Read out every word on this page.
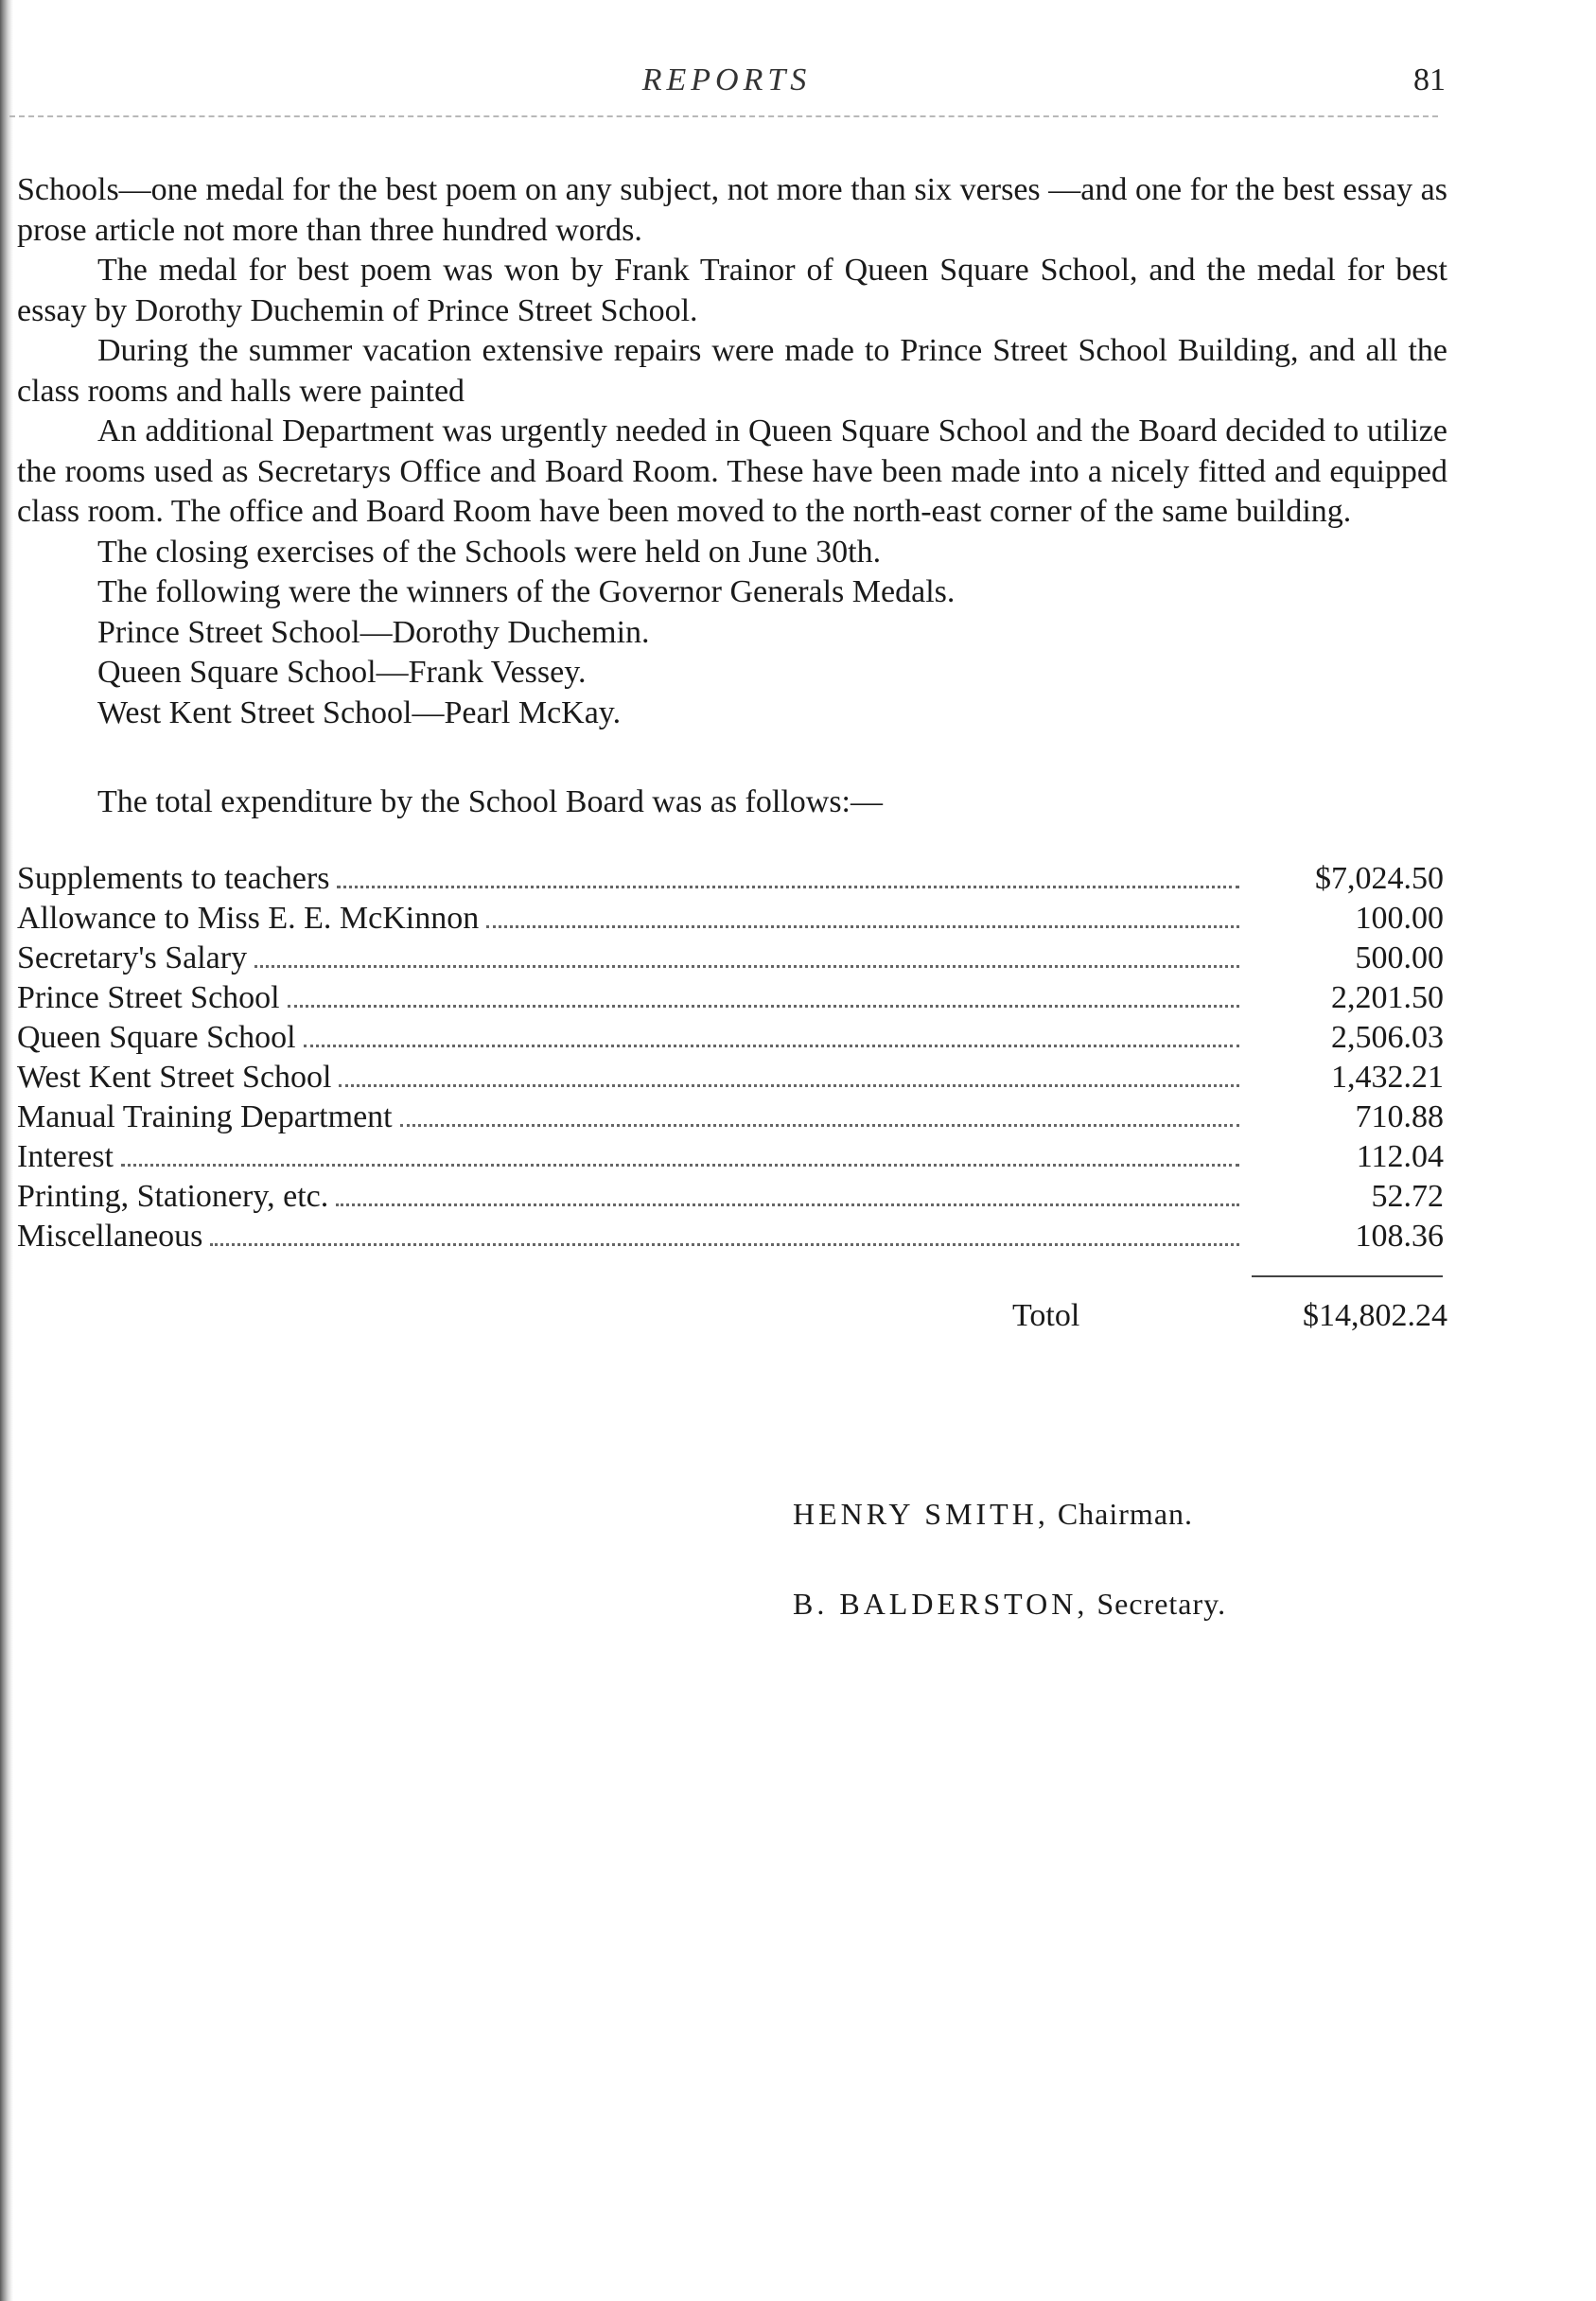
REPORTS	81

Schools—one medal for the best poem on any subject, not more than six verses —and one for the best essay as prose article not more than three hundred words.

The medal for best poem was won by Frank Trainor of Queen Square School, and the medal for best essay by Dorothy Duchemin of Prince Street School.

During the summer vacation extensive repairs were made to Prince Street School Building, and all the class rooms and halls were painted

An additional Department was urgently needed in Queen Square School and the Board decided to utilize the rooms used as Secretarys Office and Board Room. These have been made into a nicely fitted and equipped class room. The office and Board Room have been moved to the north-east corner of the same building.

The closing exercises of the Schools were held on June 30th.

The following were the winners of the Governor Generals Medals.

Prince Street School—Dorothy Duchemin.

Queen Square School—Frank Vessey.

West Kent Street School—Pearl McKay.

The total expenditure by the School Board was as follows:—

Supplements to teachers	$7,024.50
Allowance to Miss E. E. McKinnon	100.00
Secretary's Salary	500.00
Prince Street School	2,201.50
Queen Square School	2,506.03
West Kent Street School	1,432.21
Manual Training Department	710.88
Interest	112.04
Printing, Stationery, etc.	52.72
Miscellaneous	108.36
Totol	$14,802.24
HENRY SMITH, Chairman.
B. BALDERSTON, Secretary.
